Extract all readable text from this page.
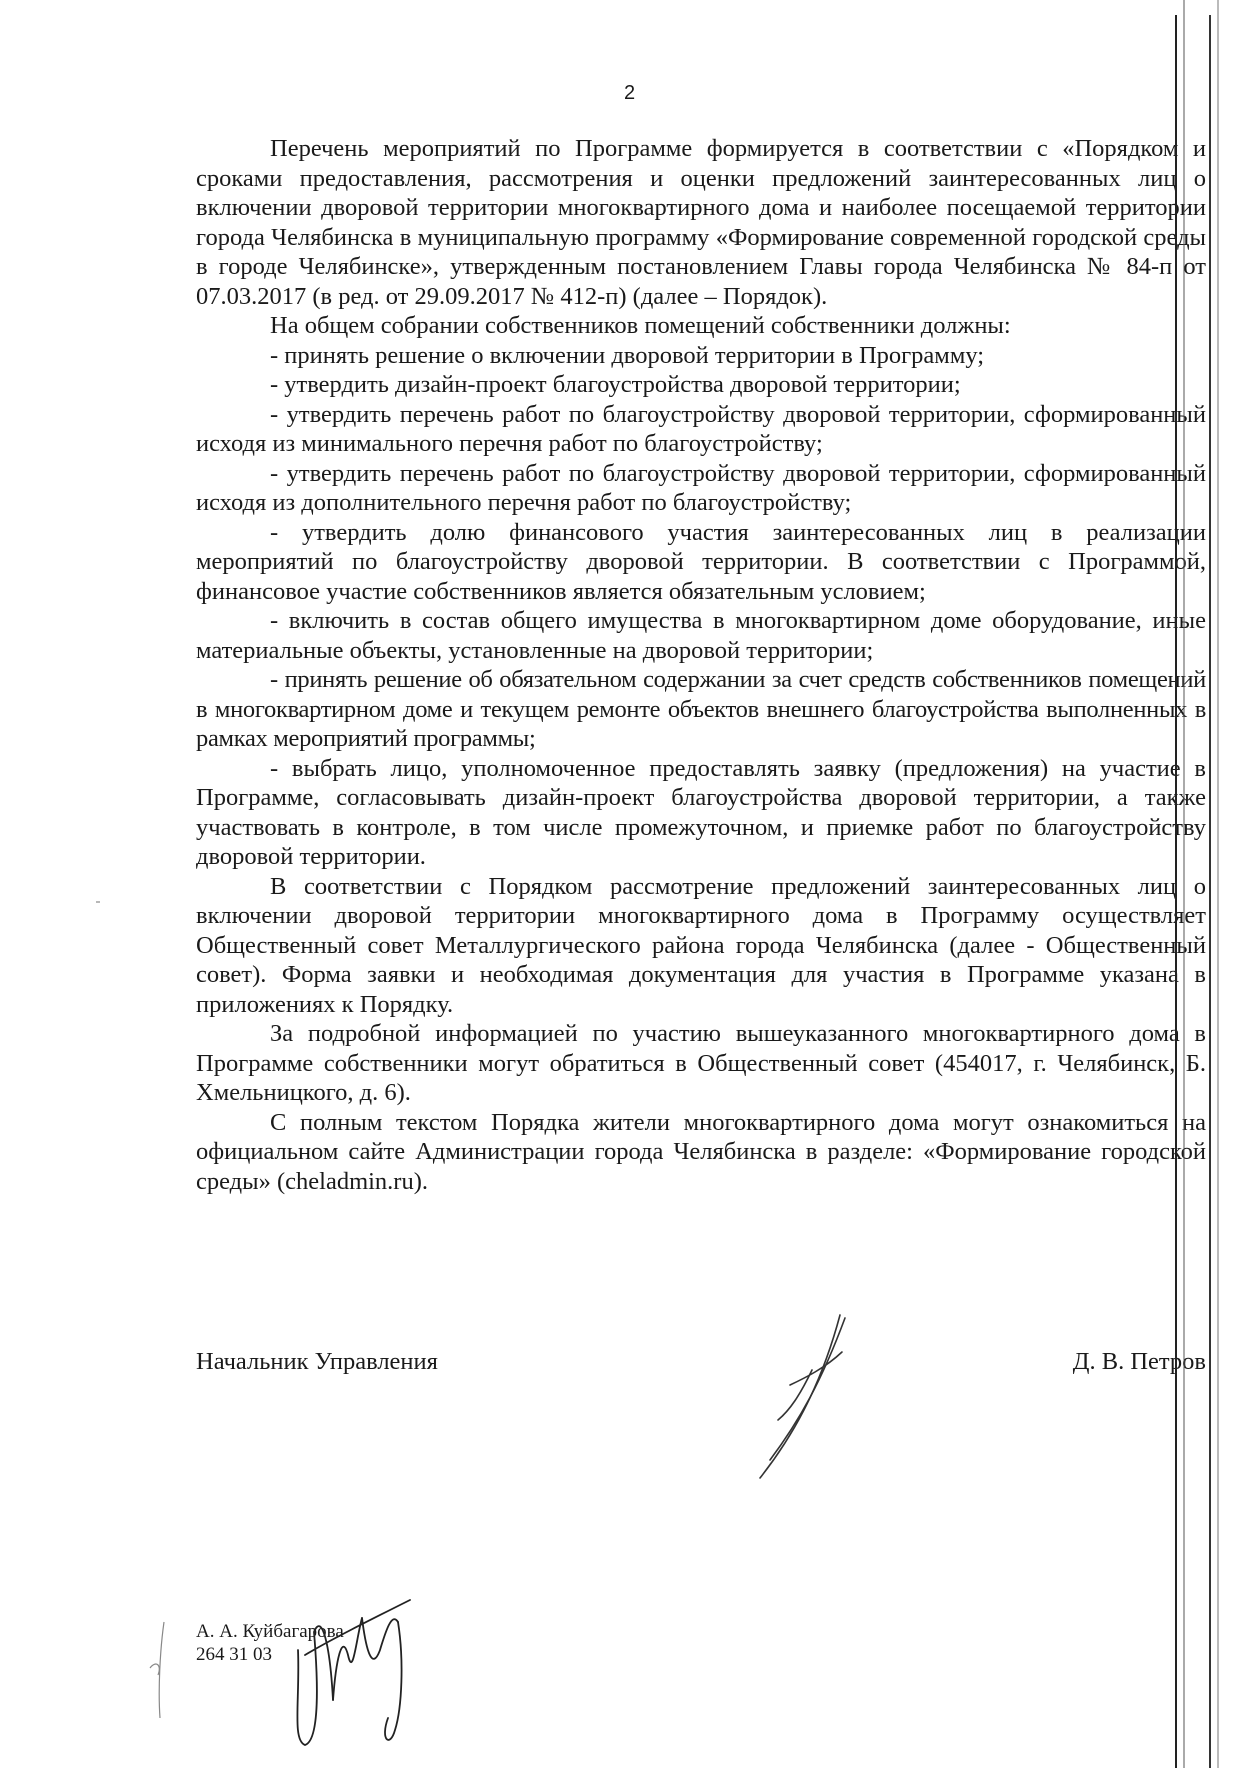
2

Перечень мероприятий по Программе формируется в соответствии с «Порядком и сроками предоставления, рассмотрения и оценки предложений заинтересованных лиц о включении дворовой территории многоквартирного дома и наиболее посещаемой территории города Челябинска в муниципальную программу «Формирование современной городской среды в городе Челябинске», утвержденным постановлением Главы города Челябинска № 84-п от 07.03.2017 (в ред. от 29.09.2017 № 412-п) (далее – Порядок).

На общем собрании собственников помещений собственники должны:

- принять решение о включении дворовой территории в Программу;

- утвердить дизайн-проект благоустройства дворовой территории;

- утвердить перечень работ по благоустройству дворовой территории, сформированный исходя из минимального перечня работ по благоустройству;

- утвердить перечень работ по благоустройству дворовой территории, сформированный исходя из дополнительного перечня работ по благоустройству;

- утвердить долю финансового участия заинтересованных лиц в реализации мероприятий по благоустройству дворовой территории. В соответствии с Программой, финансовое участие собственников является обязательным условием;

- включить в состав общего имущества в многоквартирном доме оборудование, иные материальные объекты, установленные на дворовой территории;

- принять решение об обязательном содержании за счет средств собственников помещений в многоквартирном доме и текущем ремонте объектов внешнего благоустройства выполненных в рамках мероприятий программы;

- выбрать лицо, уполномоченное предоставлять заявку (предложения) на участие в Программе, согласовывать дизайн-проект благоустройства дворовой территории, а также участвовать в контроле, в том числе промежуточном, и приемке работ по благоустройству дворовой территории.

В соответствии с Порядком рассмотрение предложений заинтересованных лиц о включении дворовой территории многоквартирного дома в Программу осуществляет Общественный совет Металлургического района города Челябинска (далее - Общественный совет). Форма заявки и необходимая документация для участия в Программе указана в приложениях к Порядку.

За подробной информацией по участию вышеуказанного многоквартирного дома в Программе собственники могут обратиться в Общественный совет (454017, г. Челябинск, Б. Хмельницкого, д. 6).

С полным текстом Порядка жители многоквартирного дома могут ознакомиться на официальном сайте Администрации города Челябинска в разделе: «Формирование городской среды» (cheladmin.ru).

Начальник Управления	Д. В. Петров
А. А. Куйбагарова
264 31 03
